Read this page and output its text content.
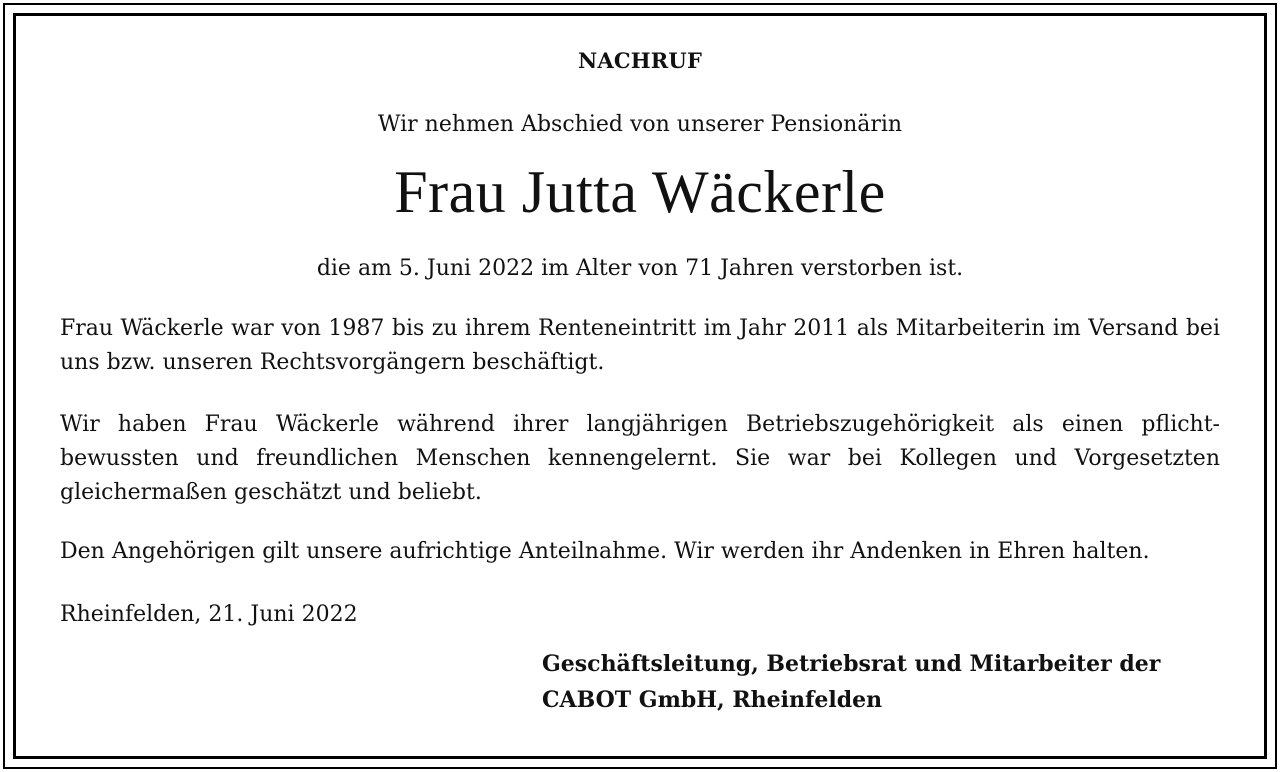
NACHRUF
Wir nehmen Abschied von unserer Pensionärin
Frau Jutta Wäckerle
die am 5. Juni 2022 im Alter von 71 Jahren verstorben ist.
Frau Wäckerle war von 1987 bis zu ihrem Renteneintritt im Jahr 2011 als Mitarbeiterin im Versand bei uns bzw. unseren Rechtsvorgängern beschäftigt.
Wir haben Frau Wäckerle während ihrer langjährigen Betriebszugehörigkeit als einen pflicht-bewussten und freundlichen Menschen kennengelernt. Sie war bei Kollegen und Vorgesetzten gleichermaßen geschätzt und beliebt.
Den Angehörigen gilt unsere aufrichtige Anteilnahme. Wir werden ihr Andenken in Ehren halten.
Rheinfelden, 21. Juni 2022
Geschäftsleitung, Betriebsrat und Mitarbeiter der
CABOT GmbH, Rheinfelden
